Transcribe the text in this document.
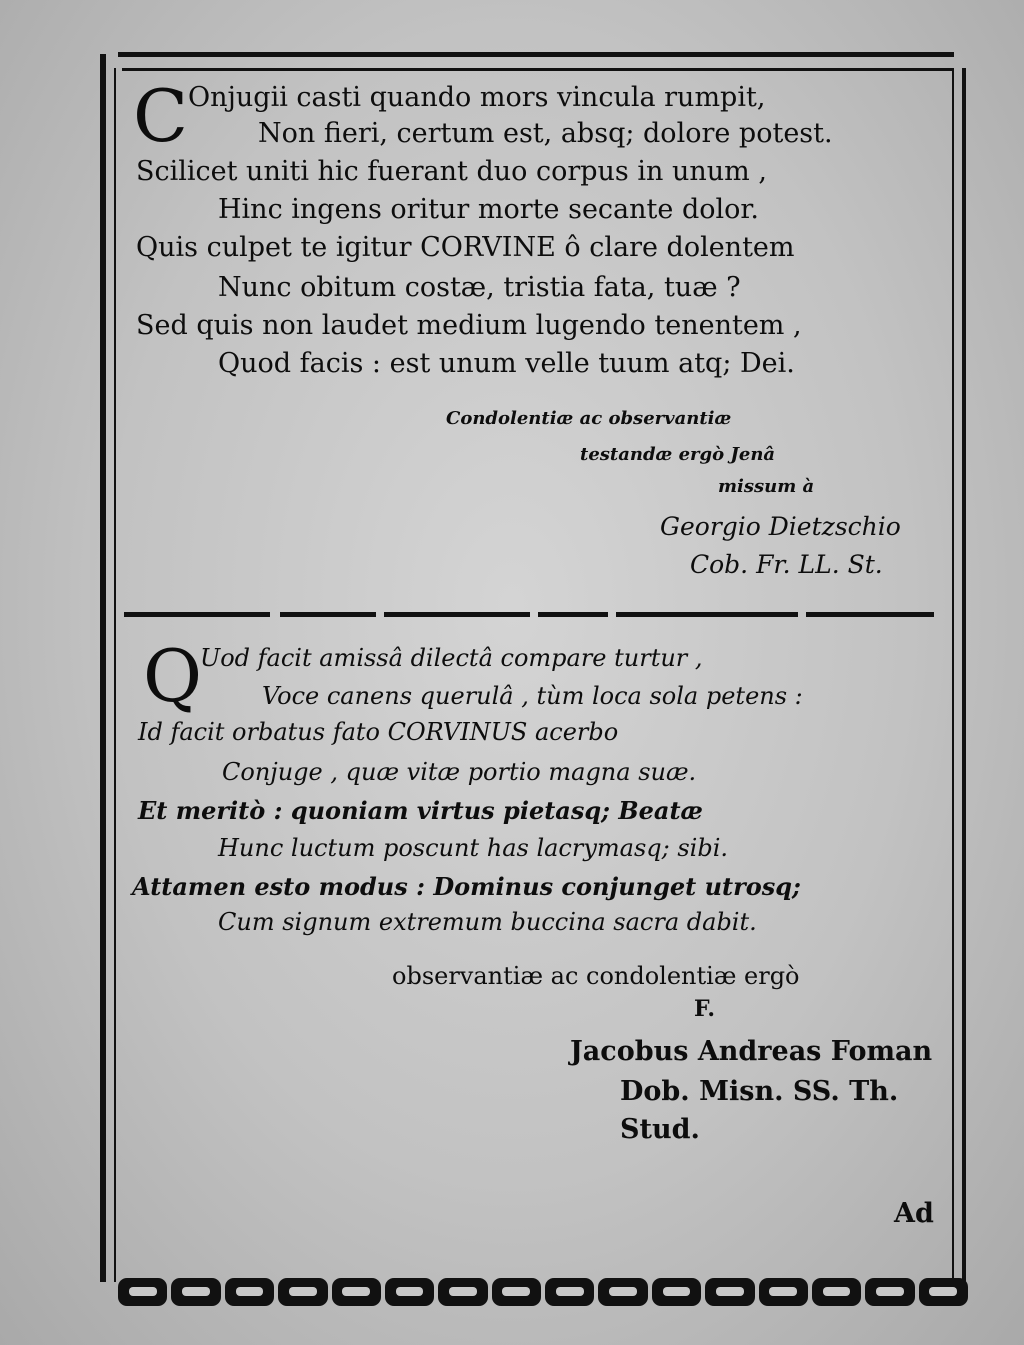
C Onjugii casti quando mors vincula rumpit,
Non fieri, certum est, absq; dolore potest.
Scilicet uniti hic fuerant duo corpus in unum ,
Hinc ingens oritur morte secante dolor.
Quis culpet te igitur CORVINE ô clare dolentem
Nunc obitum costæ, tristia fata, tuæ ?
Sed quis non laudet medium lugendo tenentem ,
Quod facis : est unum velle tuum atq; Dei.
Condolentiæ ac observantiæ
testandæ ergò Jenâ
missum à
Georgio Dietzschio
Cob. Fr. LL. St.
Q
Uod facit amissâ dilectâ compare turtur ,
Voce canens querulâ , tùm loca sola petens :
Id facit orbatus fato CORVINUS acerbo
Conjuge , quæ vitæ portio magna suæ.
Et meritò : quoniam virtus pietasq; Beatæ
Hunc luctum poscunt has lacrymasq; sibi.
Attamen esto modus : Dominus conjunget utrosq;
Cum signum extremum buccina sacra dabit.
observantiæ ac condolentiæ ergò
F.
Jacobus Andreas Foman
Dob. Misn. SS. Th.
Stud.
Ad
